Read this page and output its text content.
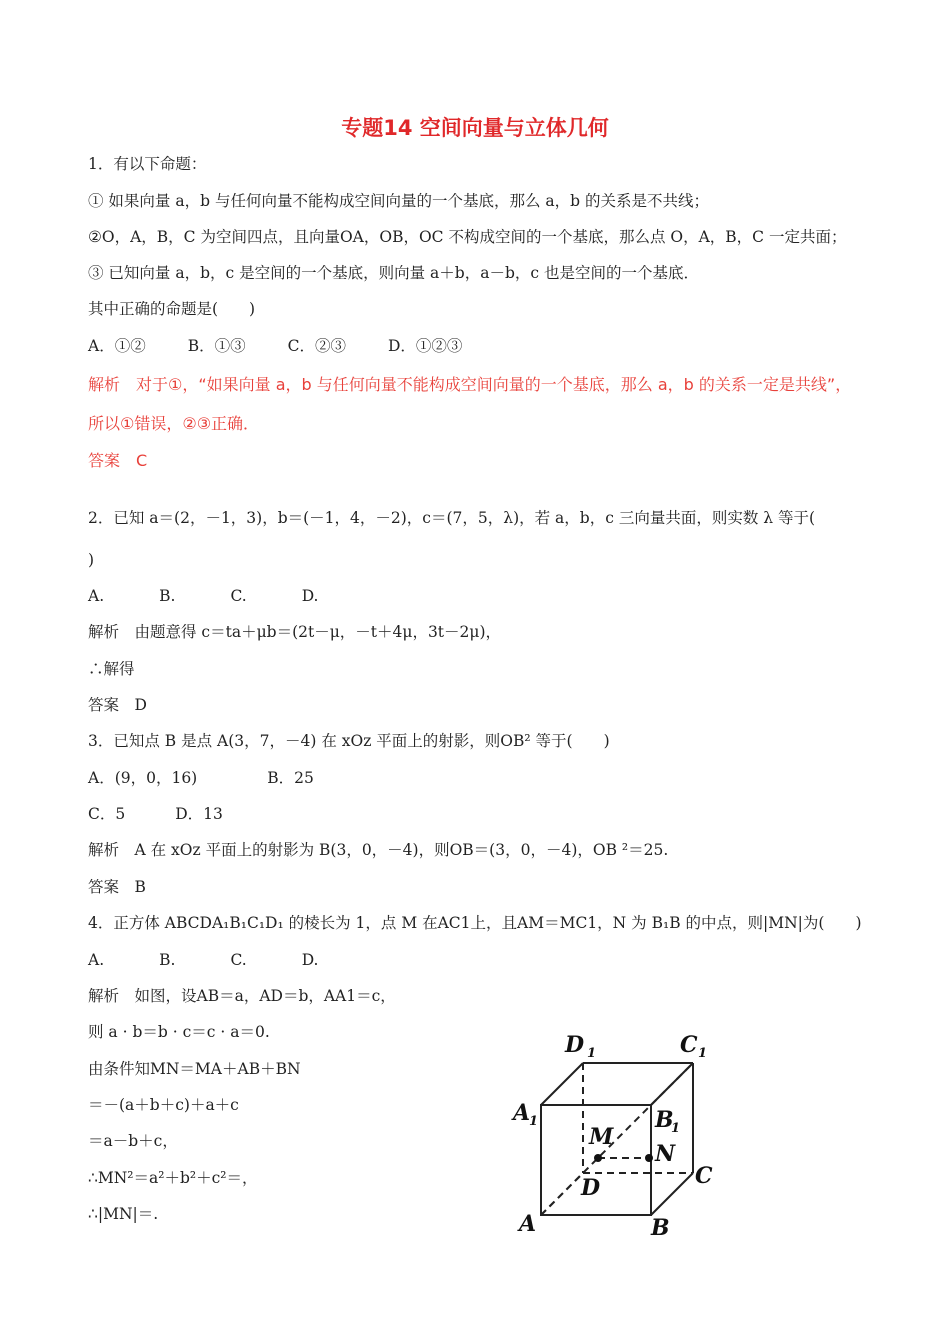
专题14 空间向量与立体几何
1．有以下命题：
① 如果向量 a，b 与任何向量不能构成空间向量的一个基底，那么 a，b 的关系是不共线；
②O，A，B，C 为空间四点，且向量OA，OB，OC 不构成空间的一个基底，那么点 O，A，B，C 一定共面；
③ 已知向量 a，b，c 是空间的一个基底，则向量 a＋b，a－b，c 也是空间的一个基底．
其中正确的命题是(　　)
A．①②	B．①③	C．②③	D．①②③
解析　对于①，“如果向量 a，b 与任何向量不能构成空间向量的一个基底，那么 a，b 的关系一定是共线”，
所以①错误，②③正确．
答案　C
2．已知 a＝(2，－1，3)，b＝(－1，4，－2)，c＝(7，5，λ)，若 a，b，c 三向量共面，则实数 λ 等于(
)
A.	B.	C.	D.
解析　由题意得 c＝ta＋μb＝(2t－μ，－t＋4μ，3t－2μ)，
∴解得
答案　D
3．已知点 B 是点 A(3，7，－4) 在 xOz 平面上的射影，则OB² 等于(　　)
A．(9，0，16)	B．25
C．5	D．13
解析　A 在 xOz 平面上的射影为 B(3，0，－4)，则OB＝(3，0，－4)，OB ²＝25.
答案　B
4．正方体 ABCDA₁B₁C₁D₁ 的棱长为 1，点 M 在AC1上，且AM＝MC1，N 为 B₁B 的中点，则|MN|为(　　)
A.	B.	C.	D.
解析　如图，设AB＝a，AD＝b，AA1＝c，
则 a · b＝b · c＝c · a＝0.
由条件知MN＝MA＋AB＋BN
＝－(a＋b＋c)＋a＋c
＝a－b＋c，
∴MN²＝a²＋b²＋c²＝，
∴|MN|＝.
D 1	C 1
A
1	B
1
M
N
C
D
A	B
